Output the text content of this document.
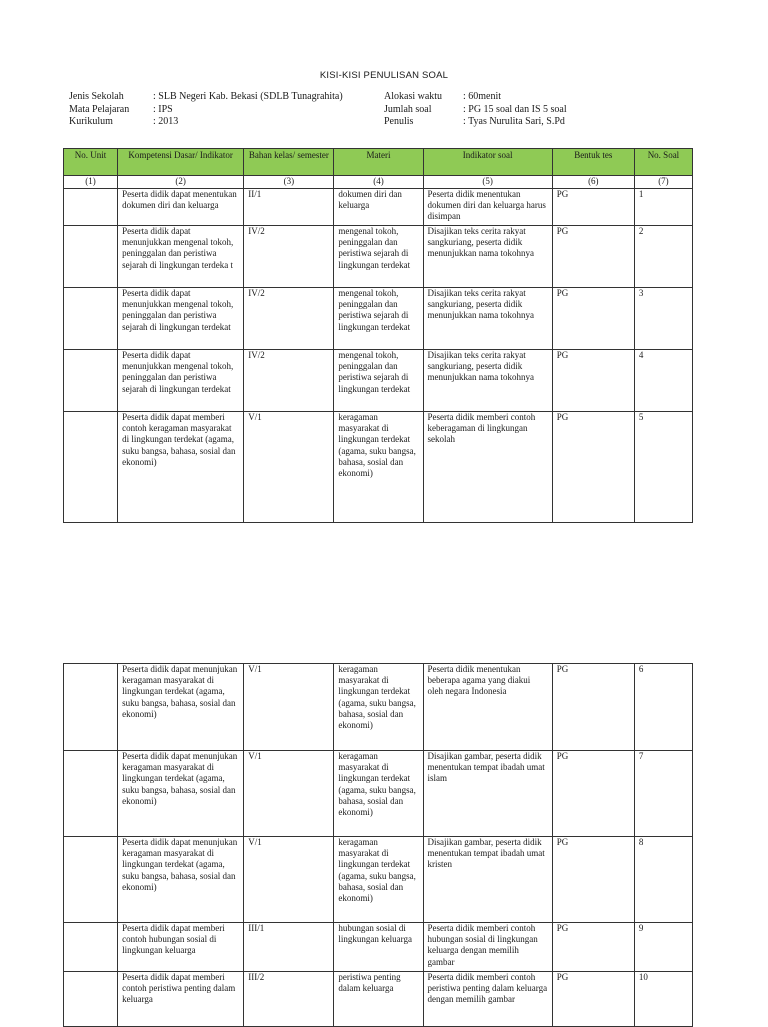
KISI-KISI PENULISAN SOAL
Jenis Sekolah	: SLB Negeri Kab. Bekasi (SDLB Tunagrahita)
Mata Pelajaran	: IPS
Kurikulum	: 2013
Alokasi waktu	: 60menit
Jumlah soal	: PG 15 soal dan IS 5 soal
Penulis	: Tyas Nurulita Sari, S.Pd
No. Unit	Kompetensi Dasar/ Indikator	Bahan kelas/ semester	Materi	Indikator soal	Bentuk tes	No. Soal
(1)	(2)	(3)	(4)	(5)	(6)	(7)
	Peserta didik dapat menentukan dokumen diri dan keluarga	II/1	dokumen diri dan keluarga	Peserta didik menentukan dokumen diri dan keluarga harus disimpan	PG	1
	Peserta didik dapat menunjukkan mengenal tokoh, peninggalan dan peristiwa sejarah di lingkungan terdeka t	IV/2	mengenal tokoh, peninggalan dan peristiwa sejarah di lingkungan terdekat	Disajikan teks cerita rakyat sangkuriang, peserta didik menunjukkan nama tokohnya	PG	2
	Peserta didik dapat menunjukkan mengenal tokoh, peninggalan dan peristiwa sejarah di lingkungan terdekat	IV/2	mengenal tokoh, peninggalan dan peristiwa sejarah di lingkungan terdekat	Disajikan teks cerita rakyat sangkuriang, peserta didik menunjukkan nama tokohnya	PG	3
	Peserta didik dapat menunjukkan mengenal tokoh, peninggalan dan peristiwa sejarah di lingkungan terdekat	IV/2	mengenal tokoh, peninggalan dan peristiwa sejarah di lingkungan terdekat	Disajikan teks cerita rakyat sangkuriang, peserta didik menunjukkan nama tokohnya	PG	4
	Peserta didik dapat memberi contoh keragaman masyarakat di lingkungan terdekat (agama, suku bangsa, bahasa, sosial dan ekonomi)	V/1	keragaman masyarakat di lingkungan terdekat (agama, suku bangsa, bahasa, sosial dan ekonomi)	Peserta didik memberi contoh keberagaman di lingkungan sekolah	PG	5
	Peserta didik dapat menunjukan keragaman masyarakat di lingkungan terdekat (agama, suku bangsa, bahasa, sosial dan ekonomi)	V/1	keragaman masyarakat di lingkungan terdekat (agama, suku bangsa, bahasa, sosial dan ekonomi)	Peserta didik menentukan beberapa agama yang diakui oleh negara Indonesia	PG	6
	Peserta didik dapat menunjukan keragaman masyarakat di lingkungan terdekat (agama, suku bangsa, bahasa, sosial dan ekonomi)	V/1	keragaman masyarakat di lingkungan terdekat (agama, suku bangsa, bahasa, sosial dan ekonomi)	Disajikan gambar, peserta didik menentukan tempat ibadah umat islam	PG	7
	Peserta didik dapat menunjukan keragaman masyarakat di lingkungan terdekat (agama, suku bangsa, bahasa, sosial dan ekonomi)	V/1	keragaman masyarakat di lingkungan terdekat (agama, suku bangsa, bahasa, sosial dan ekonomi)	Disajikan gambar, peserta didik menentukan tempat ibadah umat kristen	PG	8
	Peserta didik dapat memberi contoh hubungan sosial di lingkungan keluarga	III/1	hubungan sosial di lingkungan keluarga	Peserta didik memberi contoh hubungan sosial di lingkungan keluarga dengan memilih gambar	PG	9
	Peserta didik dapat memberi contoh peristiwa penting dalam keluarga	III/2	peristiwa penting dalam keluarga	Peserta didik memberi contoh peristiwa penting dalam keluarga dengan memilih gambar	PG	10
